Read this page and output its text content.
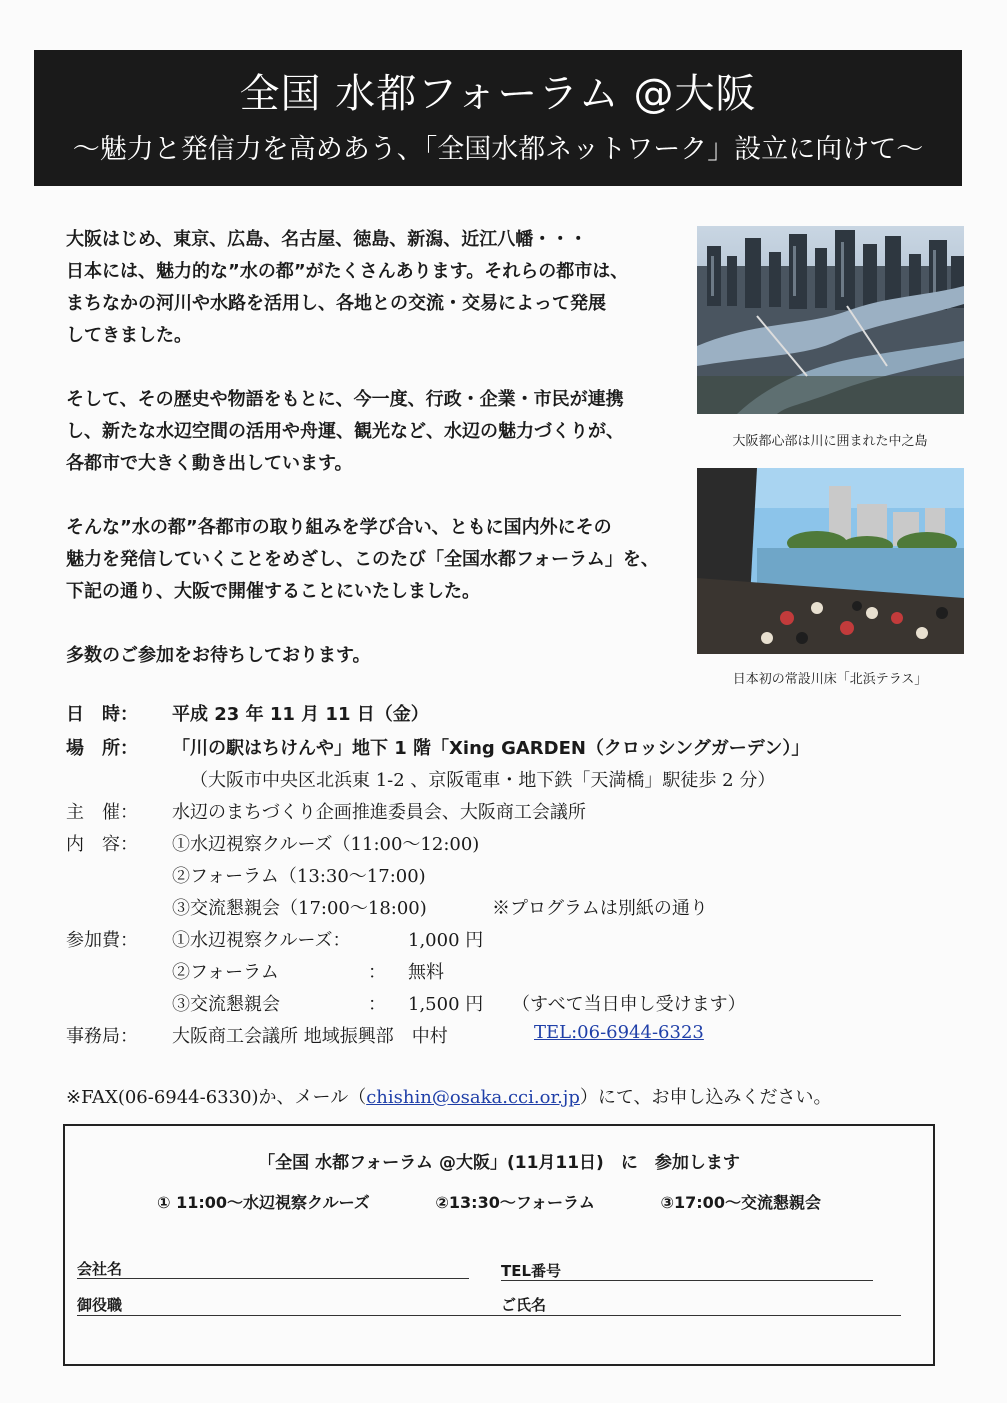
全国 水都フォーラム @大阪
～魅力と発信力を高めあう、「全国水都ネットワーク」設立に向けて～

大阪はじめ、東京、広島、名古屋、徳島、新潟、近江八幡・・・
日本には、魅力的な”水の都”がたくさんあります。それらの都市は、
まちなかの河川や水路を活用し、各地との交流・交易によって発展
してきました。

そして、その歴史や物語をもとに、今一度、行政・企業・市民が連携
し、新たな水辺空間の活用や舟運、観光など、水辺の魅力づくりが、
各都市で大きく動き出しています。

そんな”水の都”各都市の取り組みを学び合い、ともに国内外にその
魅力を発信していくことをめざし、このたび「全国水都フォーラム」を、
下記の通り、大阪で開催することにいたしました。

多数のご参加をお待ちしております。

大阪都心部は川に囲まれた中之島
日本初の常設川床「北浜テラス」
日　時：	平成 23 年 11 月 11 日（金）
場　所：	「川の駅はちけんや」地下 1 階「Xing GARDEN（クロッシングガーデン）」
（大阪市中央区北浜東 1-2 、京阪電車・地下鉄「天満橋」駅徒歩 2 分）
主　催：	水辺のまちづくり企画推進委員会、大阪商工会議所
内　容：	①水辺視察クルーズ（11:00～12:00)
②フォーラム（13:30～17:00)
③交流懇親会（17:00～18:00)	※プログラムは別紙の通り
参加費：	①水辺視察クルーズ：	1,000 円
②フォーラム	： 無料
③交流懇親会	： 1,500 円 （すべて当日申し受けます）
事務局：	大阪商工会議所 地域振興部　中村	TEL:06-6944-6323
※FAX(06-6944-6330)か、メール（chishin@osaka.cci.or.jp）にて、お申し込みください。
「全国 水都フォーラム @大阪」(11月11日)　に　参加します
① 11:00～水辺視察クルーズ	②13:30～フォーラム	③17:00～交流懇親会
会社名	TEL番号
御役職	ご氏名
